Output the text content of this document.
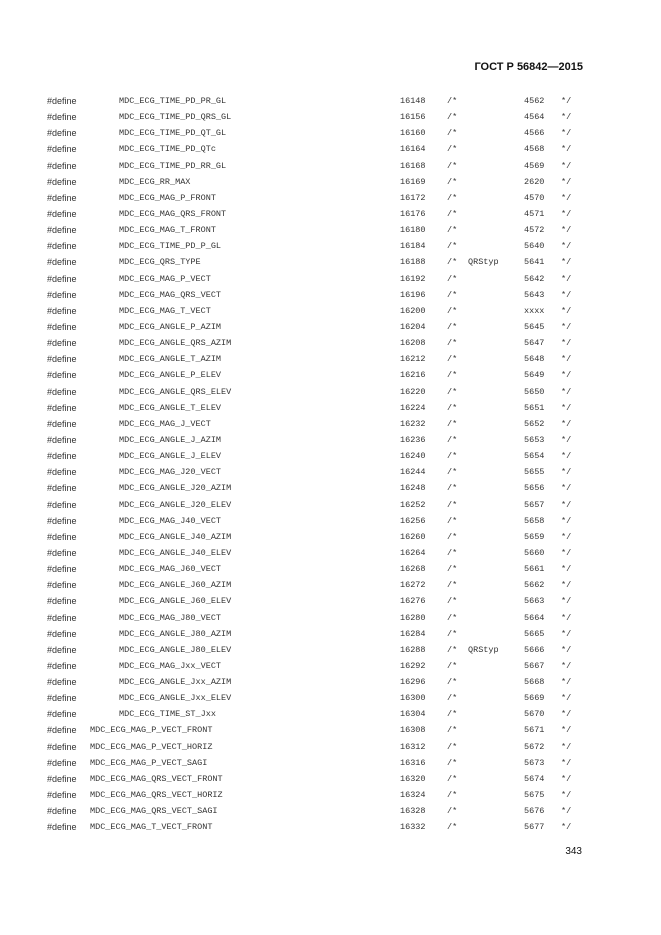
ГОСТ Р 56842—2015
#define	MDC_ECG_TIME_PD_PR_GL	16148	/*	4562 */
#define	MDC_ECG_TIME_PD_QRS_GL	16156	/*	4564 */
#define	MDC_ECG_TIME_PD_QT_GL	16160	/*	4566 */
#define	MDC_ECG_TIME_PD_QTc	16164	/*	4568 */
#define	MDC_ECG_TIME_PD_RR_GL	16168	/*	4569 */
#define	MDC_ECG_RR_MAX	16169	/*	2620 */
#define	MDC_ECG_MAG_P_FRONT	16172	/*	4570 */
#define	MDC_ECG_MAG_QRS_FRONT	16176	/*	4571 */
#define	MDC_ECG_MAG_T_FRONT	16180	/*	4572 */
#define	MDC_ECG_TIME_PD_P_GL	16184	/*	5640 */
#define	MDC_ECG_QRS_TYPE	16188	/* QRStyp	5641 */
#define	MDC_ECG_MAG_P_VECT	16192	/*	5642 */
#define	MDC_ECG_MAG_QRS_VECT	16196	/*	5643 */
#define	MDC_ECG_MAG_T_VECT	16200	/*	xxxx */
#define	MDC_ECG_ANGLE_P_AZIM	16204	/*	5645 */
#define	MDC_ECG_ANGLE_QRS_AZIM	16208	/*	5647 */
#define	MDC_ECG_ANGLE_T_AZIM	16212	/*	5648 */
#define	MDC_ECG_ANGLE_P_ELEV	16216	/*	5649 */
#define	MDC_ECG_ANGLE_QRS_ELEV	16220	/*	5650 */
#define	MDC_ECG_ANGLE_T_ELEV	16224	/*	5651 */
#define	MDC_ECG_MAG_J_VECT	16232	/*	5652 */
#define	MDC_ECG_ANGLE_J_AZIM	16236	/*	5653 */
#define	MDC_ECG_ANGLE_J_ELEV	16240	/*	5654 */
#define	MDC_ECG_MAG_J20_VECT	16244	/*	5655 */
#define	MDC_ECG_ANGLE_J20_AZIM	16248	/*	5656 */
#define	MDC_ECG_ANGLE_J20_ELEV	16252	/*	5657 */
#define	MDC_ECG_MAG_J40_VECT	16256	/*	5658 */
#define	MDC_ECG_ANGLE_J40_AZIM	16260	/*	5659 */
#define	MDC_ECG_ANGLE_J40_ELEV	16264	/*	5660 */
#define	MDC_ECG_MAG_J60_VECT	16268	/*	5661 */
#define	MDC_ECG_ANGLE_J60_AZIM	16272	/*	5662 */
#define	MDC_ECG_ANGLE_J60_ELEV	16276	/*	5663 */
#define	MDC_ECG_MAG_J80_VECT	16280	/*	5664 */
#define	MDC_ECG_ANGLE_J80_AZIM	16284	/*	5665 */
#define	MDC_ECG_ANGLE_J80_ELEV	16288	/* QRStyp	5666 */
#define	MDC_ECG_MAG_Jxx_VECT	16292	/*	5667 */
#define	MDC_ECG_ANGLE_Jxx_AZIM	16296	/*	5668 */
#define	MDC_ECG_ANGLE_Jxx_ELEV	16300	/*	5669 */
#define	MDC_ECG_TIME_ST_Jxx	16304	/*	5670 */
#define MDC_ECG_MAG_P_VECT_FRONT	16308	/*	5671 */
#define MDC_ECG_MAG_P_VECT_HORIZ	16312	/*	5672 */
#define MDC_ECG_MAG_P_VECT_SAGI	16316	/*	5673 */
#define MDC_ECG_MAG_QRS_VECT_FRONT	16320	/*	5674 */
#define MDC_ECG_MAG_QRS_VECT_HORIZ	16324	/*	5675 */
#define MDC_ECG_MAG_QRS_VECT_SAGI	16328	/*	5676 */
#define MDC_ECG_MAG_T_VECT_FRONT	16332	/*	5677 */
343
